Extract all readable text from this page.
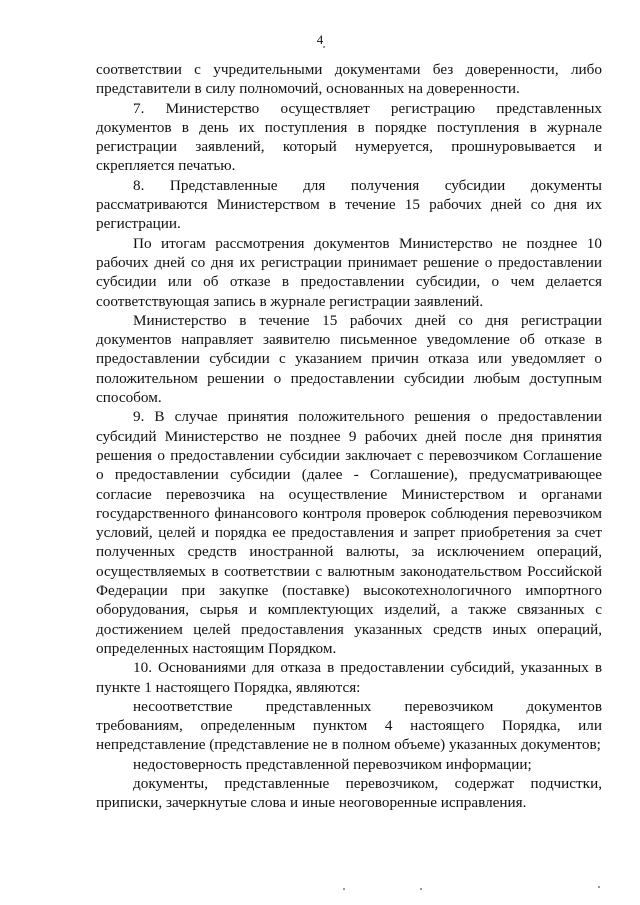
4

соответствии с учредительными документами без доверенности, либо представители в силу полномочий, основанных на доверенности.

7. Министерство осуществляет регистрацию представленных документов в день их поступления в порядке поступления в журнале регистрации заявлений, который нумеруется, прошнуровывается и скрепляется печатью.

8. Представленные для получения субсидии документы рассматриваются Министерством в течение 15 рабочих дней со дня их регистрации.

По итогам рассмотрения документов Министерство не позднее 10 рабочих дней со дня их регистрации принимает решение о предоставлении субсидии или об отказе в предоставлении субсидии, о чем делается соответствующая запись в журнале регистрации заявлений.

Министерство в течение 15 рабочих дней со дня регистрации документов направляет заявителю письменное уведомление об отказе в предоставлении субсидии с указанием причин отказа или уведомляет о положительном решении о предоставлении субсидии любым доступным способом.

9. В случае принятия положительного решения о предоставлении субсидий Министерство не позднее 9 рабочих дней после дня принятия решения о предоставлении субсидии заключает с перевозчиком Соглашение о предоставлении субсидии (далее - Соглашение), предусматривающее согласие перевозчика на осуществление Министерством и органами государственного финансового контроля проверок соблюдения перевозчиком условий, целей и порядка ее предоставления и запрет приобретения за счет полученных средств иностранной валюты, за исключением операций, осуществляемых в соответствии с валютным законодательством Российской Федерации при закупке (поставке) высокотехнологичного импортного оборудования, сырья и комплектующих изделий, а также связанных с достижением целей предоставления указанных средств иных операций, определенных настоящим Порядком.

10. Основаниями для отказа в предоставлении субсидий, указанных в пункте 1 настоящего Порядка, являются:

несоответствие представленных перевозчиком документов требованиям, определенным пунктом 4 настоящего Порядка, или непредставление (представление не в полном объеме) указанных документов;

недостоверность представленной перевозчиком информации;

документы, представленные перевозчиком, содержат подчистки, приписки, зачеркнутые слова и иные неоговоренные исправления.
